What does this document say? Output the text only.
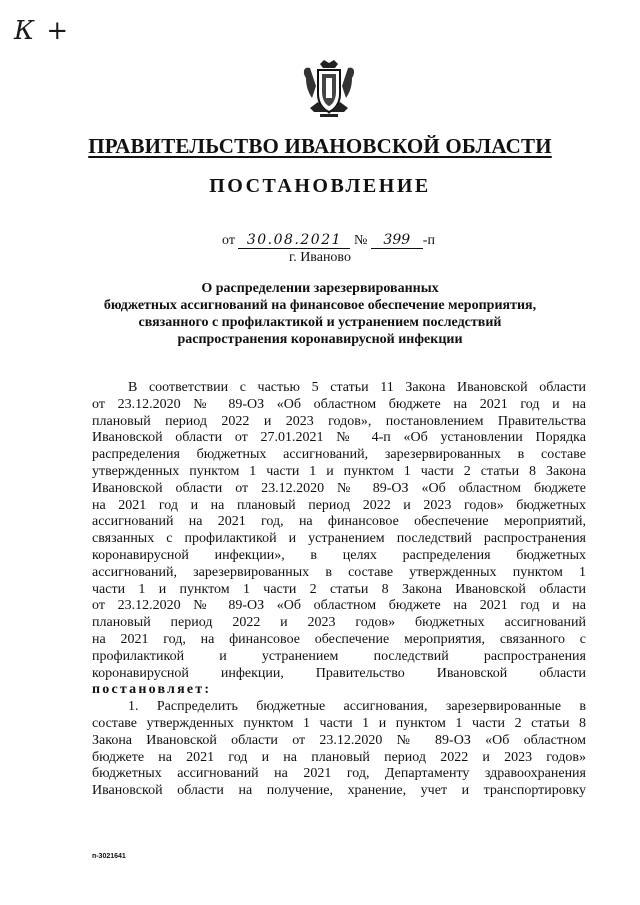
К +
ПРАВИТЕЛЬСТВО ИВАНОВСКОЙ ОБЛАСТИ
ПОСТАНОВЛЕНИЕ
от 30.08.2021 № 399 -п
г. Иваново
О распределении зарезервированных
бюджетных ассигнований на финансовое обеспечение мероприятия,
связанного с профилактикой и устранением последствий
распространения коронавирусной инфекции
В соответствии с частью 5 статьи 11 Закона Ивановской области
от 23.12.2020 № 89-ОЗ «Об областном бюджете на 2021 год и на
плановый период 2022 и 2023 годов», постановлением Правительства
Ивановской области от 27.01.2021 № 4-п «Об установлении Порядка
распределения бюджетных ассигнований, зарезервированных в составе
утвержденных пунктом 1 части 1 и пунктом 1 части 2 статьи 8 Закона
Ивановской области от 23.12.2020 № 89-ОЗ «Об областном бюджете
на 2021 год и на плановый период 2022 и 2023 годов» бюджетных
ассигнований на 2021 год, на финансовое обеспечение мероприятий,
связанных с профилактикой и устранением последствий распространения
коронавирусной инфекции», в целях распределения бюджетных
ассигнований, зарезервированных в составе утвержденных пунктом 1
части 1 и пунктом 1 части 2 статьи 8 Закона Ивановской области
от 23.12.2020 № 89-ОЗ «Об областном бюджете на 2021 год и на
плановый период 2022 и 2023 годов» бюджетных ассигнований
на 2021 год, на финансовое обеспечение мероприятия, связанного с
профилактикой и устранением последствий распространения
коронавирусной инфекции, Правительство Ивановской области
постановляет:
1. Распределить бюджетные ассигнования, зарезервированные в
составе утвержденных пунктом 1 части 1 и пунктом 1 части 2 статьи 8
Закона Ивановской области от 23.12.2020 № 89-ОЗ «Об областном
бюджете на 2021 год и на плановый период 2022 и 2023 годов»
бюджетных ассигнований на 2021 год, Департаменту здравоохранения
Ивановской области на получение, хранение, учет и транспортировку
п-3021641
